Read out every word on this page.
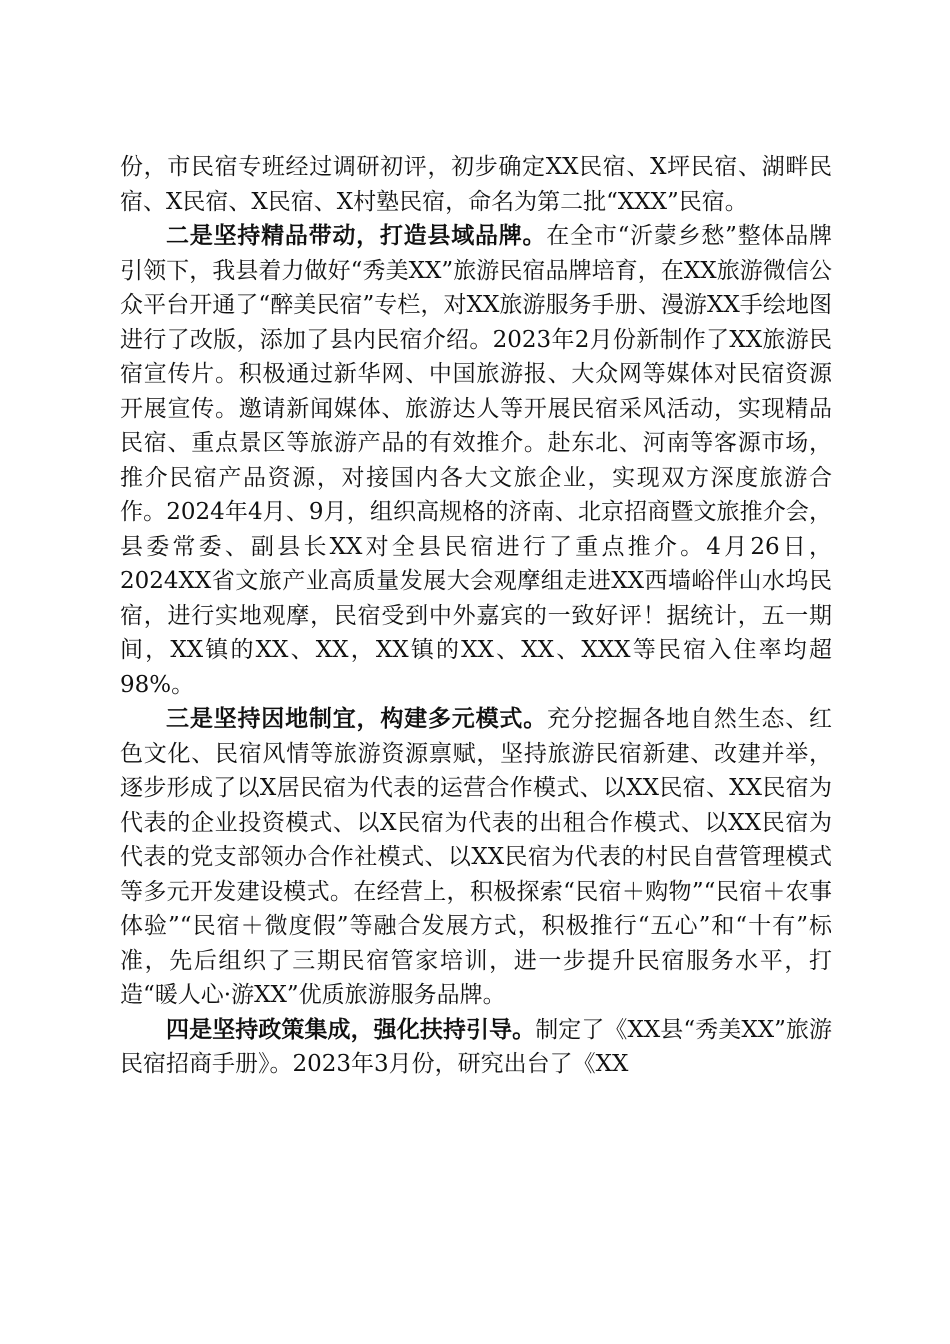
份，市民宿专班经过调研初评，初步确定XX民宿、X坪民宿、湖畔民宿、X民宿、X民宿、X村塾民宿，命名为第二批“XXX”民宿。

二是坚持精品带动，打造县域品牌。在全市“沂蒙乡愁”整体品牌引领下，我县着力做好“秀美XX”旅游民宿品牌培育，在XX旅游微信公众平台开通了“醉美民宿”专栏，对XX旅游服务手册、漫游XX手绘地图进行了改版，添加了县内民宿介绍。2023年2月份新制作了XX旅游民宿宣传片。积极通过新华网、中国旅游报、大众网等媒体对民宿资源开展宣传。邀请新闻媒体、旅游达人等开展民宿采风活动，实现精品民宿、重点景区等旅游产品的有效推介。赴东北、河南等客源市场，推介民宿产品资源，对接国内各大文旅企业，实现双方深度旅游合作。2024年4月、9月，组织高规格的济南、北京招商暨文旅推介会，县委常委、副县长XX对全县民宿进行了重点推介。4月26日，2024XX省文旅产业高质量发展大会观摩组走进XX西墙峪伴山水坞民宿，进行实地观摩，民宿受到中外嘉宾的一致好评！据统计，五一期间，XX镇的XX、XX，XX镇的XX、XX、XXX等民宿入住率均超98%。

三是坚持因地制宜，构建多元模式。充分挖掘各地自然生态、红色文化、民宿风情等旅游资源禀赋，坚持旅游民宿新建、改建并举，逐步形成了以X居民宿为代表的运营合作模式、以XX民宿、XX民宿为代表的企业投资模式、以X民宿为代表的出租合作模式、以XX民宿为代表的党支部领办合作社模式、以XX民宿为代表的村民自营管理模式等多元开发建设模式。在经营上，积极探索“民宿＋购物”“民宿＋农事体验”“民宿＋微度假”等融合发展方式，积极推行“五心”和“十有”标准，先后组织了三期民宿管家培训，进一步提升民宿服务水平，打造“暖人心·游XX”优质旅游服务品牌。

四是坚持政策集成，强化扶持引导。制定了《XX县“秀美XX”旅游民宿招商手册》。2023年3月份，研究出台了《XX
